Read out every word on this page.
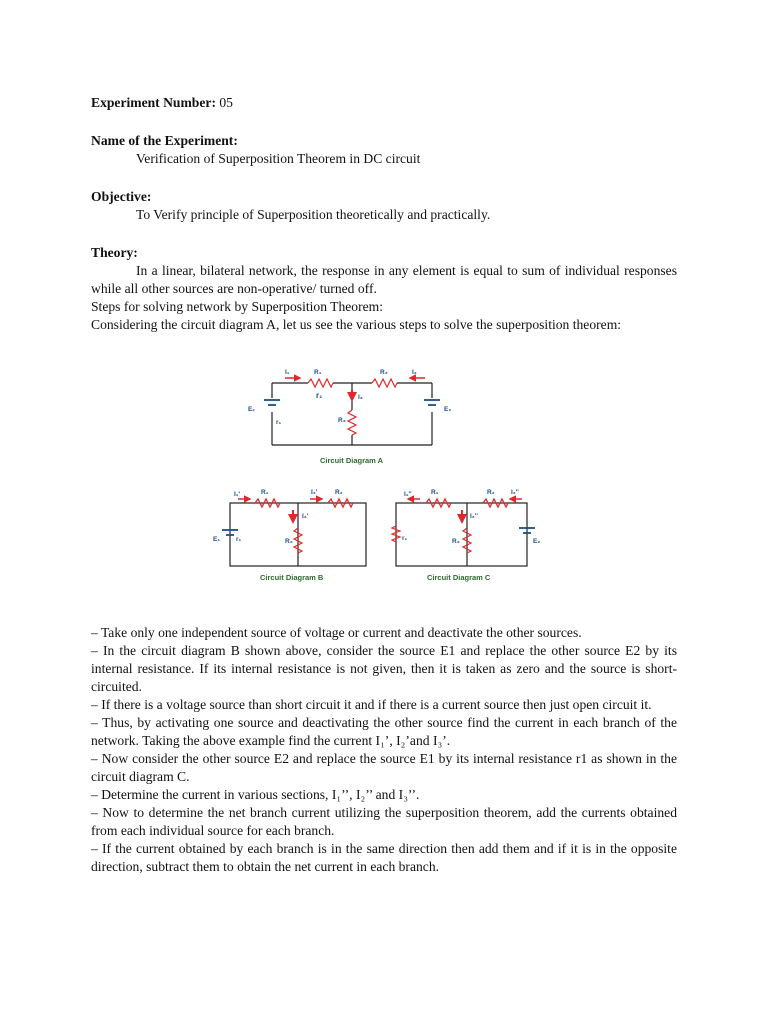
Experiment Number: 05

Name of the Experiment:

Verification of Superposition Theorem in DC circuit

Objective:

To Verify principle of Superposition theoretically and practically.

Theory:

In a linear, bilateral network, the response in any element is equal to sum of individual responses while all other sources are non-operative/ turned off.

Steps for solving network by Superposition Theorem:

Considering the circuit diagram A, let us see the various steps to solve the superposition theorem:

I₁	R₁
r₁
R₂	I₂
I₃
E₁
r₁	R₃
E₂
Circuit Diagram A
I₁'	R₁	I₂'	R₂
I₃'
E₁ r₁	R₃
Circuit Diagram B
I₁''	R₁	R₂	I₂''
I₃''
r₁	R₃	E₂
Circuit Diagram C

– Take only one independent source of voltage or current and deactivate the other sources.

– In the circuit diagram B shown above, consider the source E1 and replace the other source E2 by its internal resistance. If its internal resistance is not given, then it is taken as zero and the source is short-circuited.

– If there is a voltage source than short circuit it and if there is a current source then just open circuit it.

– Thus, by activating one source and deactivating the other source find the current in each branch of the network. Taking the above example find the current I₁’, I₂’and I₃’.

– Now consider the other source E2 and replace the source E1 by its internal resistance r1 as shown in the circuit diagram C.

– Determine the current in various sections, I₁’’, I₂’’ and I₃’’.

– Now to determine the net branch current utilizing the superposition theorem, add the currents obtained from each individual source for each branch.

– If the current obtained by each branch is in the same direction then add them and if it is in the opposite direction, subtract them to obtain the net current in each branch.
